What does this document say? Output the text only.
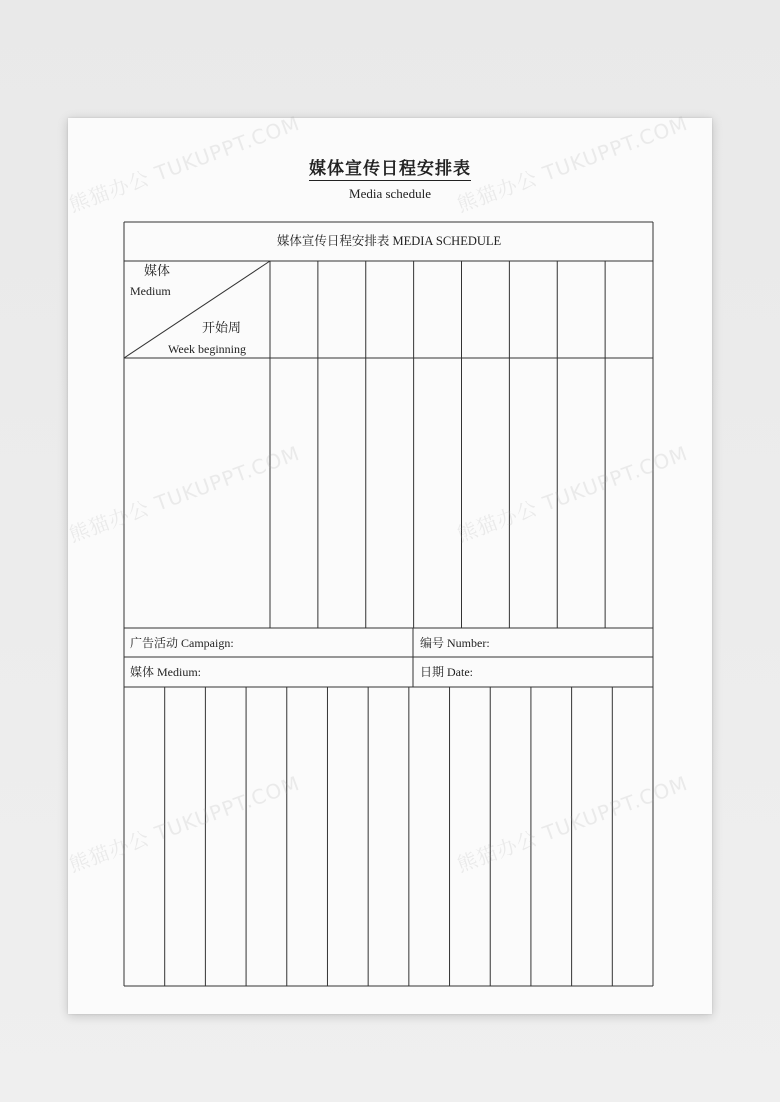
媒体宣传日程安排表
Media schedule
媒体宣传日程安排表 MEDIA SCHEDULE
媒体
Medium
开始周
Week beginning
广告活动 Campaign:	编号 Number:
媒体 Medium:	日期 Date:
熊猫办公 TUKUPPT.COM	熊猫办公 TUKUPPT.COM
熊猫办公 TUKUPPT.COM	熊猫办公 TUKUPPT.COM
熊猫办公 TUKUPPT.COM	熊猫办公 TUKUPPT.COM
